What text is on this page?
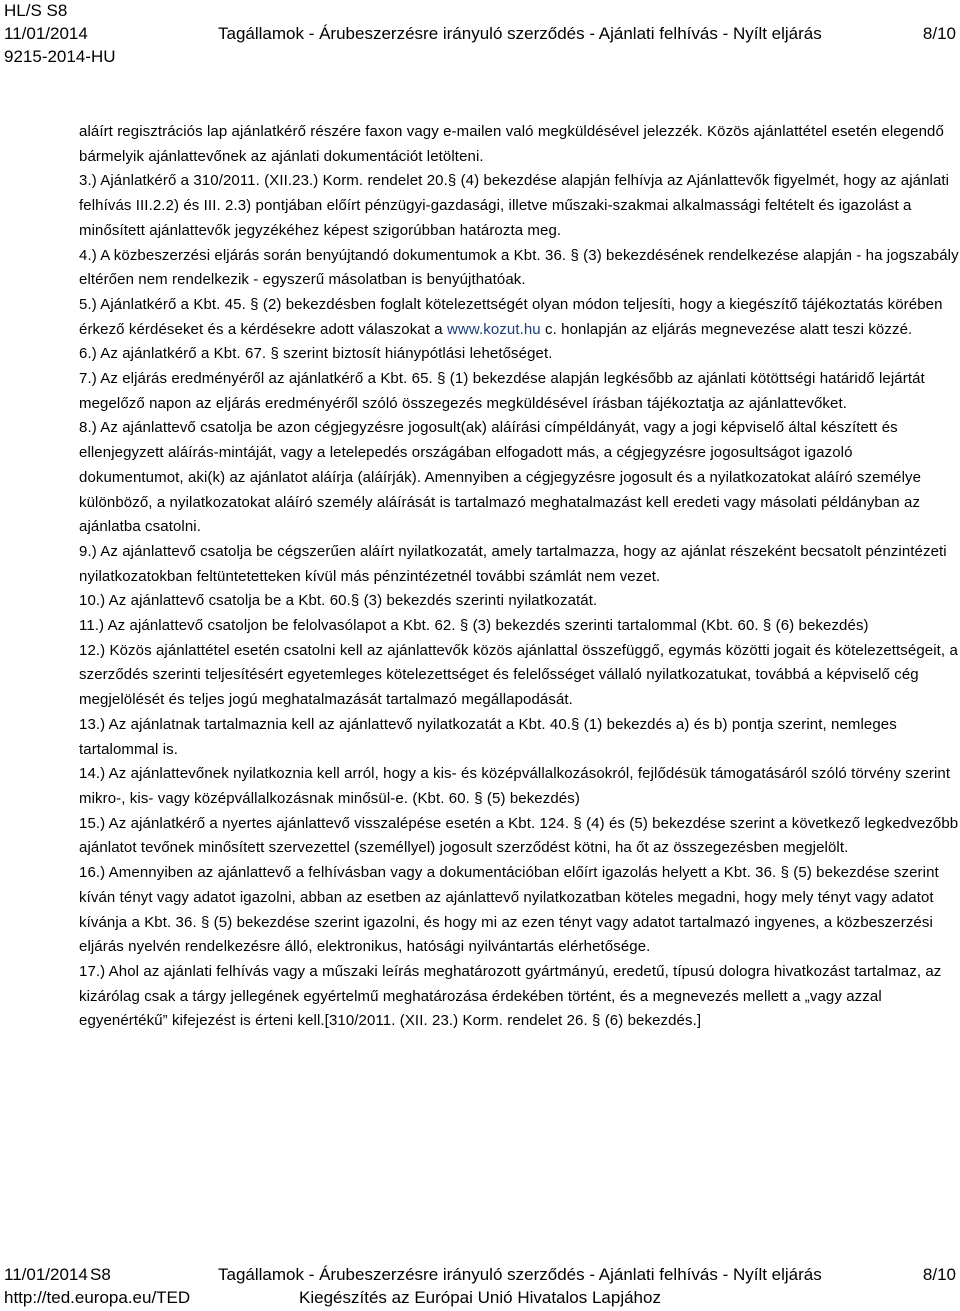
HL/S S8
11/01/2014	Tagállamok - Árubeszerzésre irányuló szerződés - Ajánlati felhívás - Nyílt eljárás	8/10
9215-2014-HU

aláírt regisztrációs lap ajánlatkérő részére faxon vagy e-mailen való megküldésével jelezzék. Közös ajánlattétel esetén elegendő bármelyik ajánlattevőnek az ajánlati dokumentációt letölteni.

3.) Ajánlatkérő a 310/2011. (XII.23.) Korm. rendelet 20.§ (4) bekezdése alapján felhívja az Ajánlattevők figyelmét, hogy az ajánlati felhívás III.2.2) és III. 2.3) pontjában előírt pénzügyi-gazdasági, illetve műszaki-szakmai alkalmassági feltételt és igazolást a minősített ajánlattevők jegyzékéhez képest szigorúbban határozta meg.

4.) A közbeszerzési eljárás során benyújtandó dokumentumok a Kbt. 36. § (3) bekezdésének rendelkezése alapján - ha jogszabály eltérően nem rendelkezik - egyszerű másolatban is benyújthatóak.

5.) Ajánlatkérő a Kbt. 45. § (2) bekezdésben foglalt kötelezettségét olyan módon teljesíti, hogy a kiegészítő tájékoztatás körében érkező kérdéseket és a kérdésekre adott válaszokat a www.kozut.hu c. honlapján az eljárás megnevezése alatt teszi közzé.

6.) Az ajánlatkérő a Kbt. 67. § szerint biztosít hiánypótlási lehetőséget.

7.) Az eljárás eredményéről az ajánlatkérő a Kbt. 65. § (1) bekezdése alapján legkésőbb az ajánlati kötöttségi határidő lejártát megelőző napon az eljárás eredményéről szóló összegezés megküldésével írásban tájékoztatja az ajánlattevőket.

8.) Az ajánlattevő csatolja be azon cégjegyzésre jogosult(ak) aláírási címpéldányát, vagy a jogi képviselő által készített és ellenjegyzett aláírás-mintáját, vagy a letelepedés országában elfogadott más, a cégjegyzésre jogosultságot igazoló dokumentumot, aki(k) az ajánlatot aláírja (aláírják). Amennyiben a cégjegyzésre jogosult és a nyilatkozatokat aláíró személye különböző, a nyilatkozatokat aláíró személy aláírását is tartalmazó meghatalmazást kell eredeti vagy másolati példányban az ajánlatba csatolni.

9.) Az ajánlattevő csatolja be cégszerűen aláírt nyilatkozatát, amely tartalmazza, hogy az ajánlat részeként becsatolt pénzintézeti nyilatkozatokban feltüntetetteken kívül más pénzintézetnél további számlát nem vezet.

10.) Az ajánlattevő csatolja be a Kbt. 60.§ (3) bekezdés szerinti nyilatkozatát.

11.) Az ajánlattevő csatoljon be felolvasólapot a Kbt. 62. § (3) bekezdés szerinti tartalommal (Kbt. 60. § (6) bekezdés)

12.) Közös ajánlattétel esetén csatolni kell az ajánlattevők közös ajánlattal összefüggő, egymás közötti jogait és kötelezettségeit, a szerződés szerinti teljesítésért egyetemleges kötelezettséget és felelősséget vállaló nyilatkozatukat, továbbá a képviselő cég megjelölését és teljes jogú meghatalmazását tartalmazó megállapodását.

13.) Az ajánlatnak tartalmaznia kell az ajánlattevő nyilatkozatát a Kbt. 40.§ (1) bekezdés a) és b) pontja szerint, nemleges tartalommal is.

14.) Az ajánlattevőnek nyilatkoznia kell arról, hogy a kis- és középvállalkozásokról, fejlődésük támogatásáról szóló törvény szerint mikro-, kis- vagy középvállalkozásnak minősül-e. (Kbt. 60. § (5) bekezdés)

15.) Az ajánlatkérő a nyertes ajánlattevő visszalépése esetén a Kbt. 124. § (4) és (5) bekezdése szerint a következő legkedvezőbb ajánlatot tevőnek minősített szervezettel (személlyel) jogosult szerződést kötni, ha őt az összegezésben megjelölt.

16.) Amennyiben az ajánlattevő a felhívásban vagy a dokumentációban előírt igazolás helyett a Kbt. 36. § (5) bekezdése szerint kíván tényt vagy adatot igazolni, abban az esetben az ajánlattevő nyilatkozatban köteles megadni, hogy mely tényt vagy adatot kívánja a Kbt. 36. § (5) bekezdése szerint igazolni, és hogy mi az ezen tényt vagy adatot tartalmazó ingyenes, a közbeszerzési eljárás nyelvén rendelkezésre álló, elektronikus, hatósági nyilvántartás elérhetősége.

17.) Ahol az ajánlati felhívás vagy a műszaki leírás meghatározott gyártmányú, eredetű, típusú dologra hivatkozást tartalmaz, az kizárólag csak a tárgy jellegének egyértelmű meghatározása érdekében történt, és a megnevezés mellett a „vagy azzal egyenértékű” kifejezést is érteni kell.[310/2011. (XII. 23.) Korm. rendelet 26. § (6) bekezdés.]

11/01/2014 S8	Tagállamok - Árubeszerzésre irányuló szerződés - Ajánlati felhívás - Nyílt eljárás	8/10
http://ted.europa.eu/TED	Kiegészítés az Európai Unió Hivatalos Lapjához
